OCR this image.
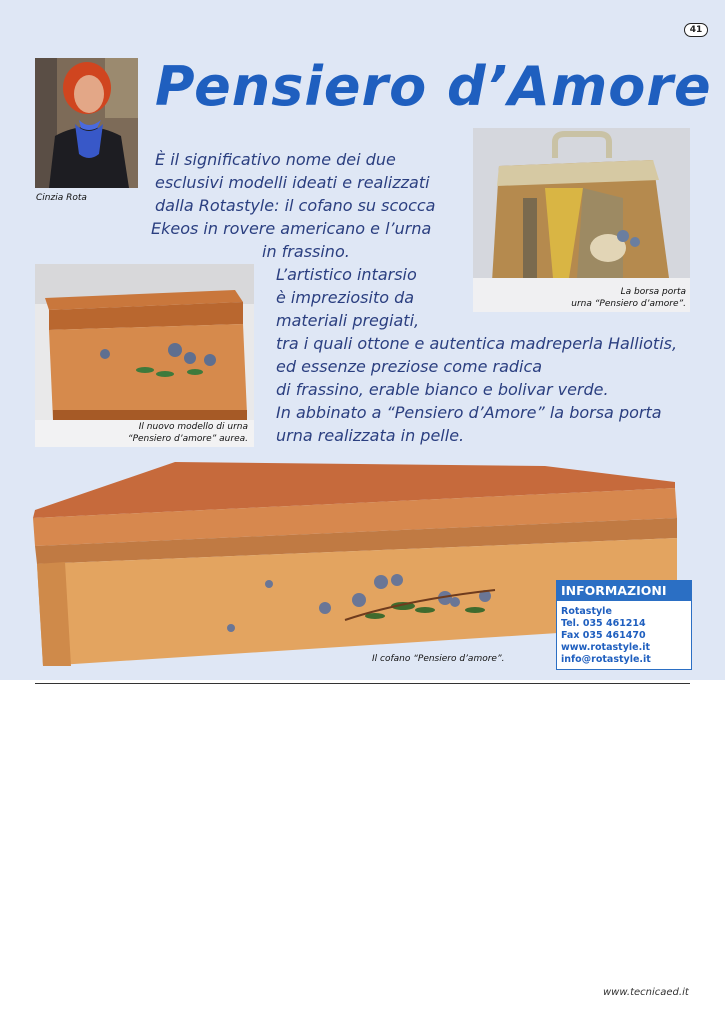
41
Pensiero d’Amore
Cinzia Rota
Il nuovo modello di urna
“Pensiero d’amore” aurea.
La borsa porta
urna “Pensiero d’amore”.
È il significativo nome dei due
esclusivi modelli ideati e realizzati
dalla Rotastyle: il cofano su scocca
Ekeos in rovere americano e l’urna
in frassino.
L’artistico intarsio
è impreziosito da
materiali pregiati,
tra i quali ottone e autentica madreperla Halliotis,
ed essenze preziose come radica
di frassino, erable bianco e bolivar verde.
In abbinato a “Pensiero d’Amore” la borsa porta
urna realizzata in pelle.
Il cofano “Pensiero d’amore”.
INFORMAZIONI
Rotastyle
Tel. 035 461214
Fax 035 461470
www.rotastyle.it
info@rotastyle.it
www.tecnicaed.it
